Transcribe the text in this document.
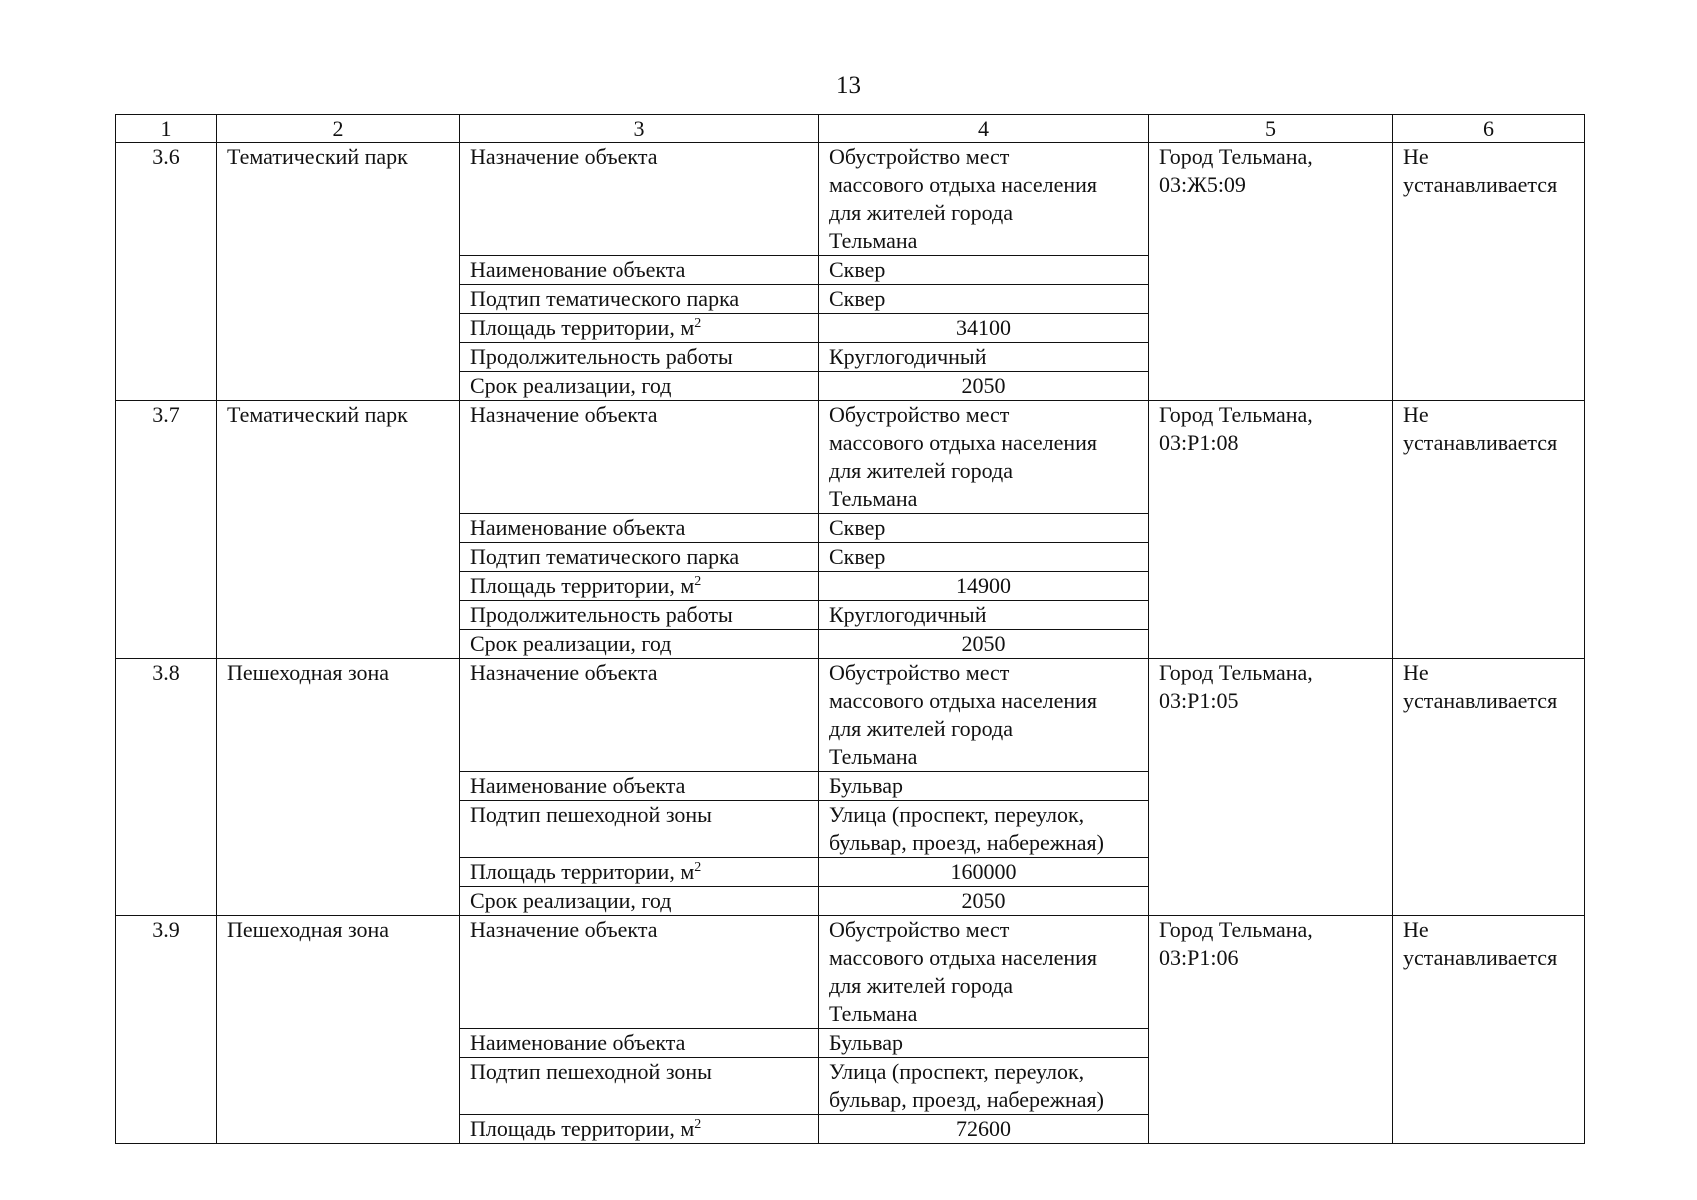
13
1	2	3	4	5	6
3.6	Тематический парк	Назначение объекта	Обустройство мест
массового отдыха населения
для жителей города
Тельмана	Город Тельмана,
03:Ж5:09	Не
устанавливается
		Наименование объекта	Сквер		
		Подтип тематического парка	Сквер		
		Площадь территории, $м^2$	34100		
		Продолжительность работы	Круглогодичный		
		Срок реализации, год	2050		
3.7	Тематический парк	Назначение объекта	Обустройство мест
массового отдыха населения
для жителей города
Тельмана	Город Тельмана,
03:Р1:08	Не
устанавливается
		Наименование объекта	Сквер		
		Подтип тематического парка	Сквер		
		Площадь территории, $м^2$	14900		
		Продолжительность работы	Круглогодичный		
		Срок реализации, год	2050		
3.8	Пешеходная зона	Назначение объекта	Обустройство мест
массового отдыха населения
для жителей города
Тельмана	Город Тельмана,
03:Р1:05	Не
устанавливается
		Наименование объекта	Бульвар		
		Подтип пешеходной зоны	Улица (проспект, переулок,
бульвар, проезд, набережная)		
		Площадь территории, $м^2$	160000		
		Срок реализации, год	2050		
3.9	Пешеходная зона	Назначение объекта	Обустройство мест
массового отдыха населения
для жителей города
Тельмана	Город Тельмана,
03:Р1:06	Не
устанавливается
		Наименование объекта	Бульвар		
		Подтип пешеходной зоны	Улица (проспект, переулок,
бульвар, проезд, набережная)		
		Площадь территории, $м^2$	72600		
